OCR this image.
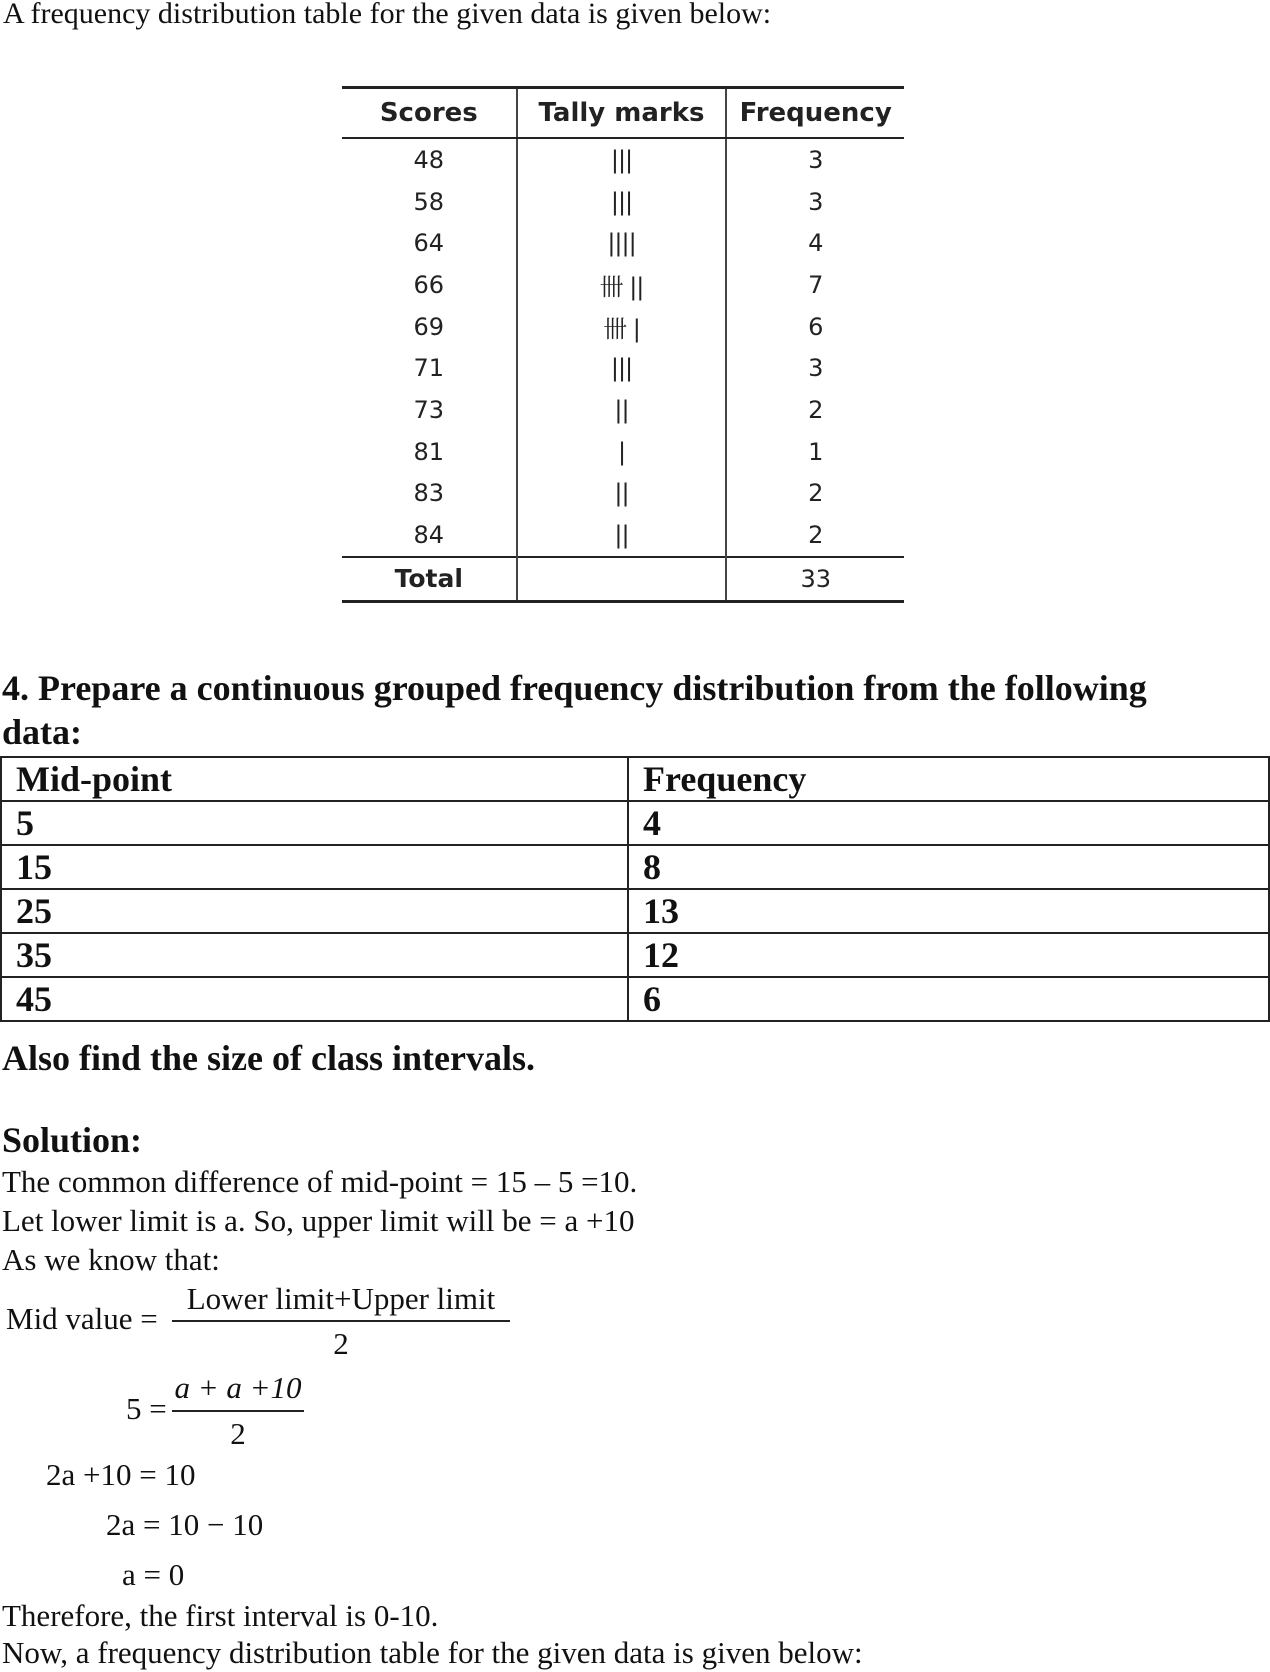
A frequency distribution table for the given data is given below:
Scores	Tally marks	Frequency
48	|||	3
58	|||	3
64	||||	4
66	卌 ||	7
69	卌 |	6
71	|||	3
73	||	2
81	|	1
83	||	2
84	||	2
Total		33
4. Prepare a continuous grouped frequency distribution from the following
data:
Mid-point	Frequency
5	4
15	8
25	13
35	12
45	6
Also find the size of class intervals.
Solution:
The common difference of mid-point = 15 – 5 =10.
Let lower limit is a. So, upper limit will be = a +10
As we know that:
Mid value =
Lower limit+Upper limit
2
5 =
a + a +10
2
2a +10 = 10
2a = 10 − 10
a = 0
Therefore, the first interval is 0-10.
Now, a frequency distribution table for the given data is given below:
